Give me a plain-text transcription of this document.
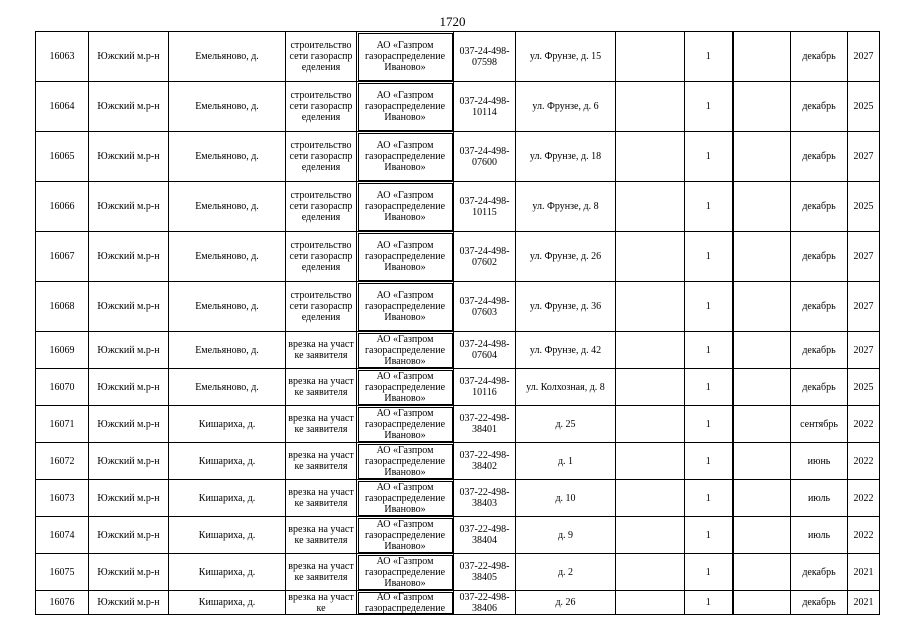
1720
16063	Южский м.р-н	Емельяново, д.	строительство сети газораспределения	АО «Газпром газораспределение Иваново»	037-24-498-07598	ул. Фрунзе, д. 15		1		декабрь	2027
16064	Южский м.р-н	Емельяново, д.	строительство сети газораспределения	АО «Газпром газораспределение Иваново»	037-24-498-10114	ул. Фрунзе, д. 6		1		декабрь	2025
16065	Южский м.р-н	Емельяново, д.	строительство сети газораспределения	АО «Газпром газораспределение Иваново»	037-24-498-07600	ул. Фрунзе, д. 18		1		декабрь	2027
16066	Южский м.р-н	Емельяново, д.	строительство сети газораспределения	АО «Газпром газораспределение Иваново»	037-24-498-10115	ул. Фрунзе, д. 8		1		декабрь	2025
16067	Южский м.р-н	Емельяново, д.	строительство сети газораспределения	АО «Газпром газораспределение Иваново»	037-24-498-07602	ул. Фрунзе, д. 26		1		декабрь	2027
16068	Южский м.р-н	Емельяново, д.	строительство сети газораспределения	АО «Газпром газораспределение Иваново»	037-24-498-07603	ул. Фрунзе, д. 36		1		декабрь	2027
16069	Южский м.р-н	Емельяново, д.	врезка на участке заявителя	АО «Газпром газораспределение Иваново»	037-24-498-07604	ул. Фрунзе, д. 42		1		декабрь	2027
16070	Южский м.р-н	Емельяново, д.	врезка на участке заявителя	АО «Газпром газораспределение Иваново»	037-24-498-10116	ул. Колхозная, д. 8		1		декабрь	2025
16071	Южский м.р-н	Кишариха, д.	врезка на участке заявителя	АО «Газпром газораспределение Иваново»	037-22-498-38401	д. 25		1		сентябрь	2022
16072	Южский м.р-н	Кишариха, д.	врезка на участке заявителя	АО «Газпром газораспределение Иваново»	037-22-498-38402	д. 1		1		июнь	2022
16073	Южский м.р-н	Кишариха, д.	врезка на участке заявителя	АО «Газпром газораспределение Иваново»	037-22-498-38403	д. 10		1		июль	2022
16074	Южский м.р-н	Кишариха, д.	врезка на участке заявителя	АО «Газпром газораспределение Иваново»	037-22-498-38404	д. 9		1		июль	2022
16075	Южский м.р-н	Кишариха, д.	врезка на участке заявителя	АО «Газпром газораспределение Иваново»	037-22-498-38405	д. 2		1		декабрь	2021
16076	Южский м.р-н	Кишариха, д.	врезка на участке	АО «Газпром газораспределение	037-22-498-38406	д. 26		1		декабрь	2021
